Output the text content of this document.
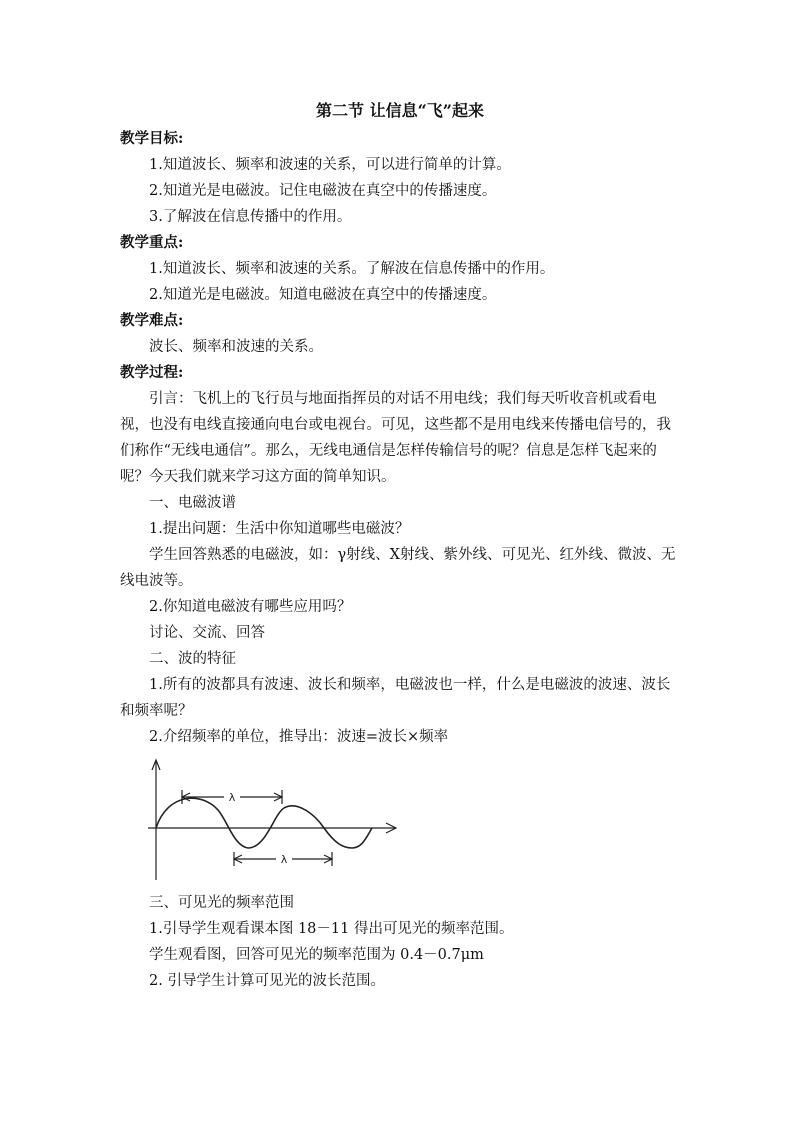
第二节 让信息“飞”起来

教学目标:

1.知道波长、频率和波速的关系，可以进行简单的计算。

2.知道光是电磁波。记住电磁波在真空中的传播速度。

3.了解波在信息传播中的作用。

教学重点:

1.知道波长、频率和波速的关系。了解波在信息传播中的作用。

2.知道光是电磁波。知道电磁波在真空中的传播速度。

教学难点:

波长、频率和波速的关系。

教学过程:

引言：飞机上的飞行员与地面指挥员的对话不用电线；我们每天听收音机或看电视，也没有电线直接通向电台或电视台。可见，这些都不是用电线来传播电信号的，我们称作“无线电通信”。那么，无线电通信是怎样传输信号的呢？信息是怎样飞起来的呢？今天我们就来学习这方面的简单知识。

一、电磁波谱

1.提出问题：生活中你知道哪些电磁波？

学生回答熟悉的电磁波，如：γ射线、X射线、紫外线、可见光、红外线、微波、无线电波等。

2.你知道电磁波有哪些应用吗？

讨论、交流、回答

二、波的特征

1.所有的波都具有波速、波长和频率，电磁波也一样，什么是电磁波的波速、波长和频率呢？

2.介绍频率的单位，推导出：波速=波长×频率

λ
λ

三、可见光的频率范围

1.引导学生观看课本图 18－11 得出可见光的频率范围。

学生观看图，回答可见光的频率范围为 0.4－0.7μm

2. 引导学生计算可见光的波长范围。
